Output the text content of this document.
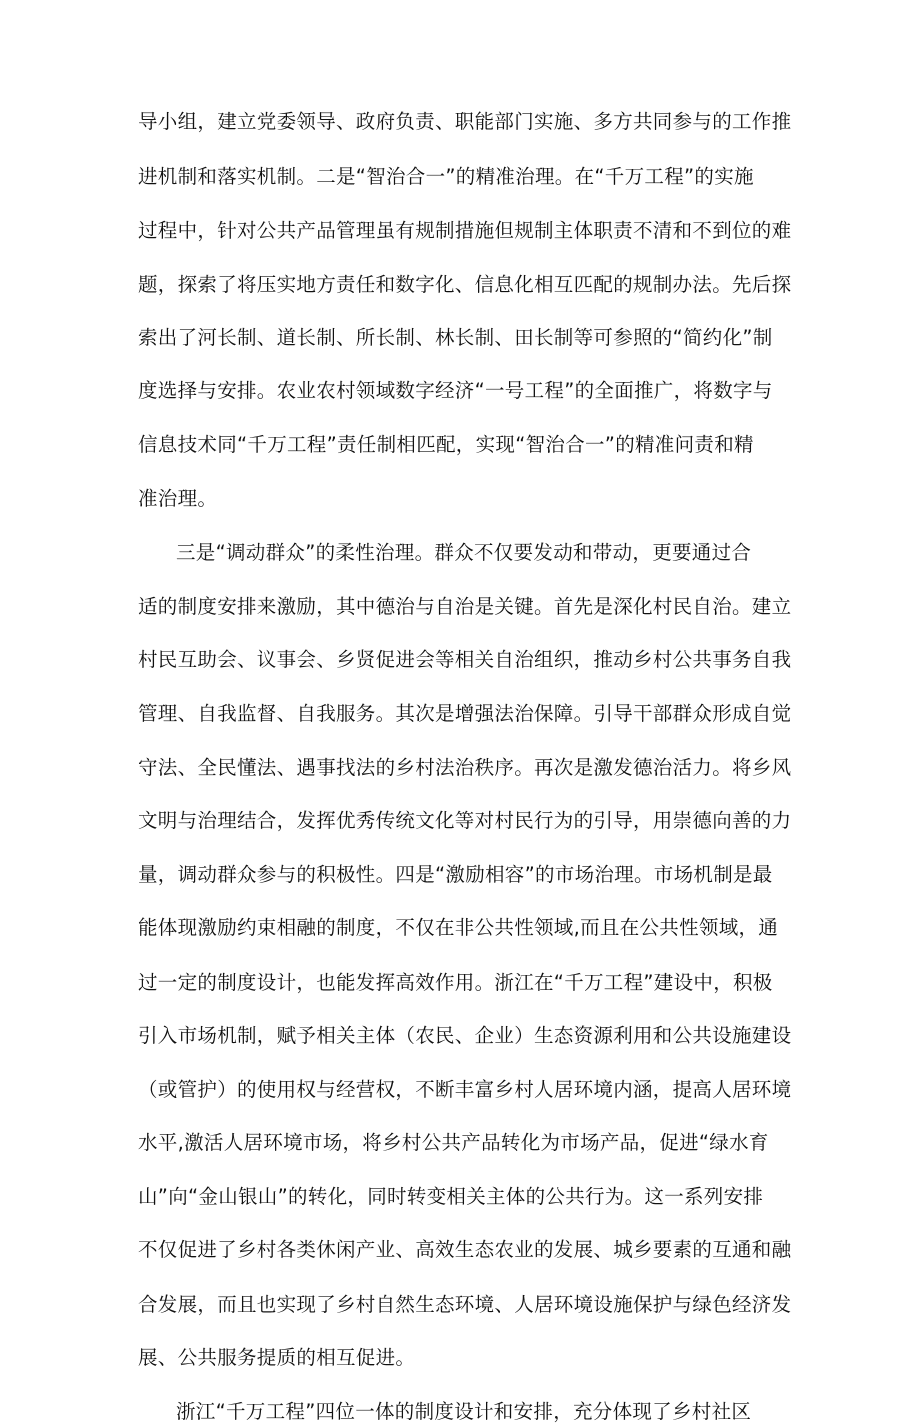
导小组，建立党委领导、政府负责、职能部门实施、多方共同参与的工作推
进机制和落实机制。二是“智治合一”的精准治理。在“千万工程”的实施
过程中，针对公共产品管理虽有规制措施但规制主体职责不清和不到位的难
题，探索了将压实地方责任和数字化、信息化相互匹配的规制办法。先后探
索出了河长制、道长制、所长制、林长制、田长制等可参照的“简约化”制
度选择与安排。农业农村领域数字经济“一号工程”的全面推广，将数字与
信息技术同“千万工程”责任制相匹配，实现“智治合一”的精准问责和精
准治理。
三是“调动群众”的柔性治理。群众不仅要发动和带动，更要通过合
适的制度安排来激励，其中德治与自治是关键。首先是深化村民自治。建立
村民互助会、议事会、乡贤促进会等相关自治组织，推动乡村公共事务自我
管理、自我监督、自我服务。其次是增强法治保障。引导干部群众形成自觉
守法、全民懂法、遇事找法的乡村法治秩序。再次是激发德治活力。将乡风
文明与治理结合，发挥优秀传统文化等对村民行为的引导，用崇德向善的力
量，调动群众参与的积极性。四是“激励相容”的市场治理。市场机制是最
能体现激励约束相融的制度，不仅在非公共性领域,而且在公共性领域，通
过一定的制度设计，也能发挥高效作用。浙江在“千万工程”建设中，积极
引入市场机制，赋予相关主体（农民、企业）生态资源利用和公共设施建设
（或管护）的使用权与经营权，不断丰富乡村人居环境内涵，提高人居环境
水平,激活人居环境市场，将乡村公共产品转化为市场产品，促进“绿水育
山”向“金山银山”的转化，同时转变相关主体的公共行为。这一系列安排
不仅促进了乡村各类休闲产业、高效生态农业的发展、城乡要素的互通和融
合发展，而且也实现了乡村自然生态环境、人居环境设施保护与绿色经济发
展、公共服务提质的相互促进。
浙江“千万工程”四位一体的制度设计和安排，充分体现了乡村社区
